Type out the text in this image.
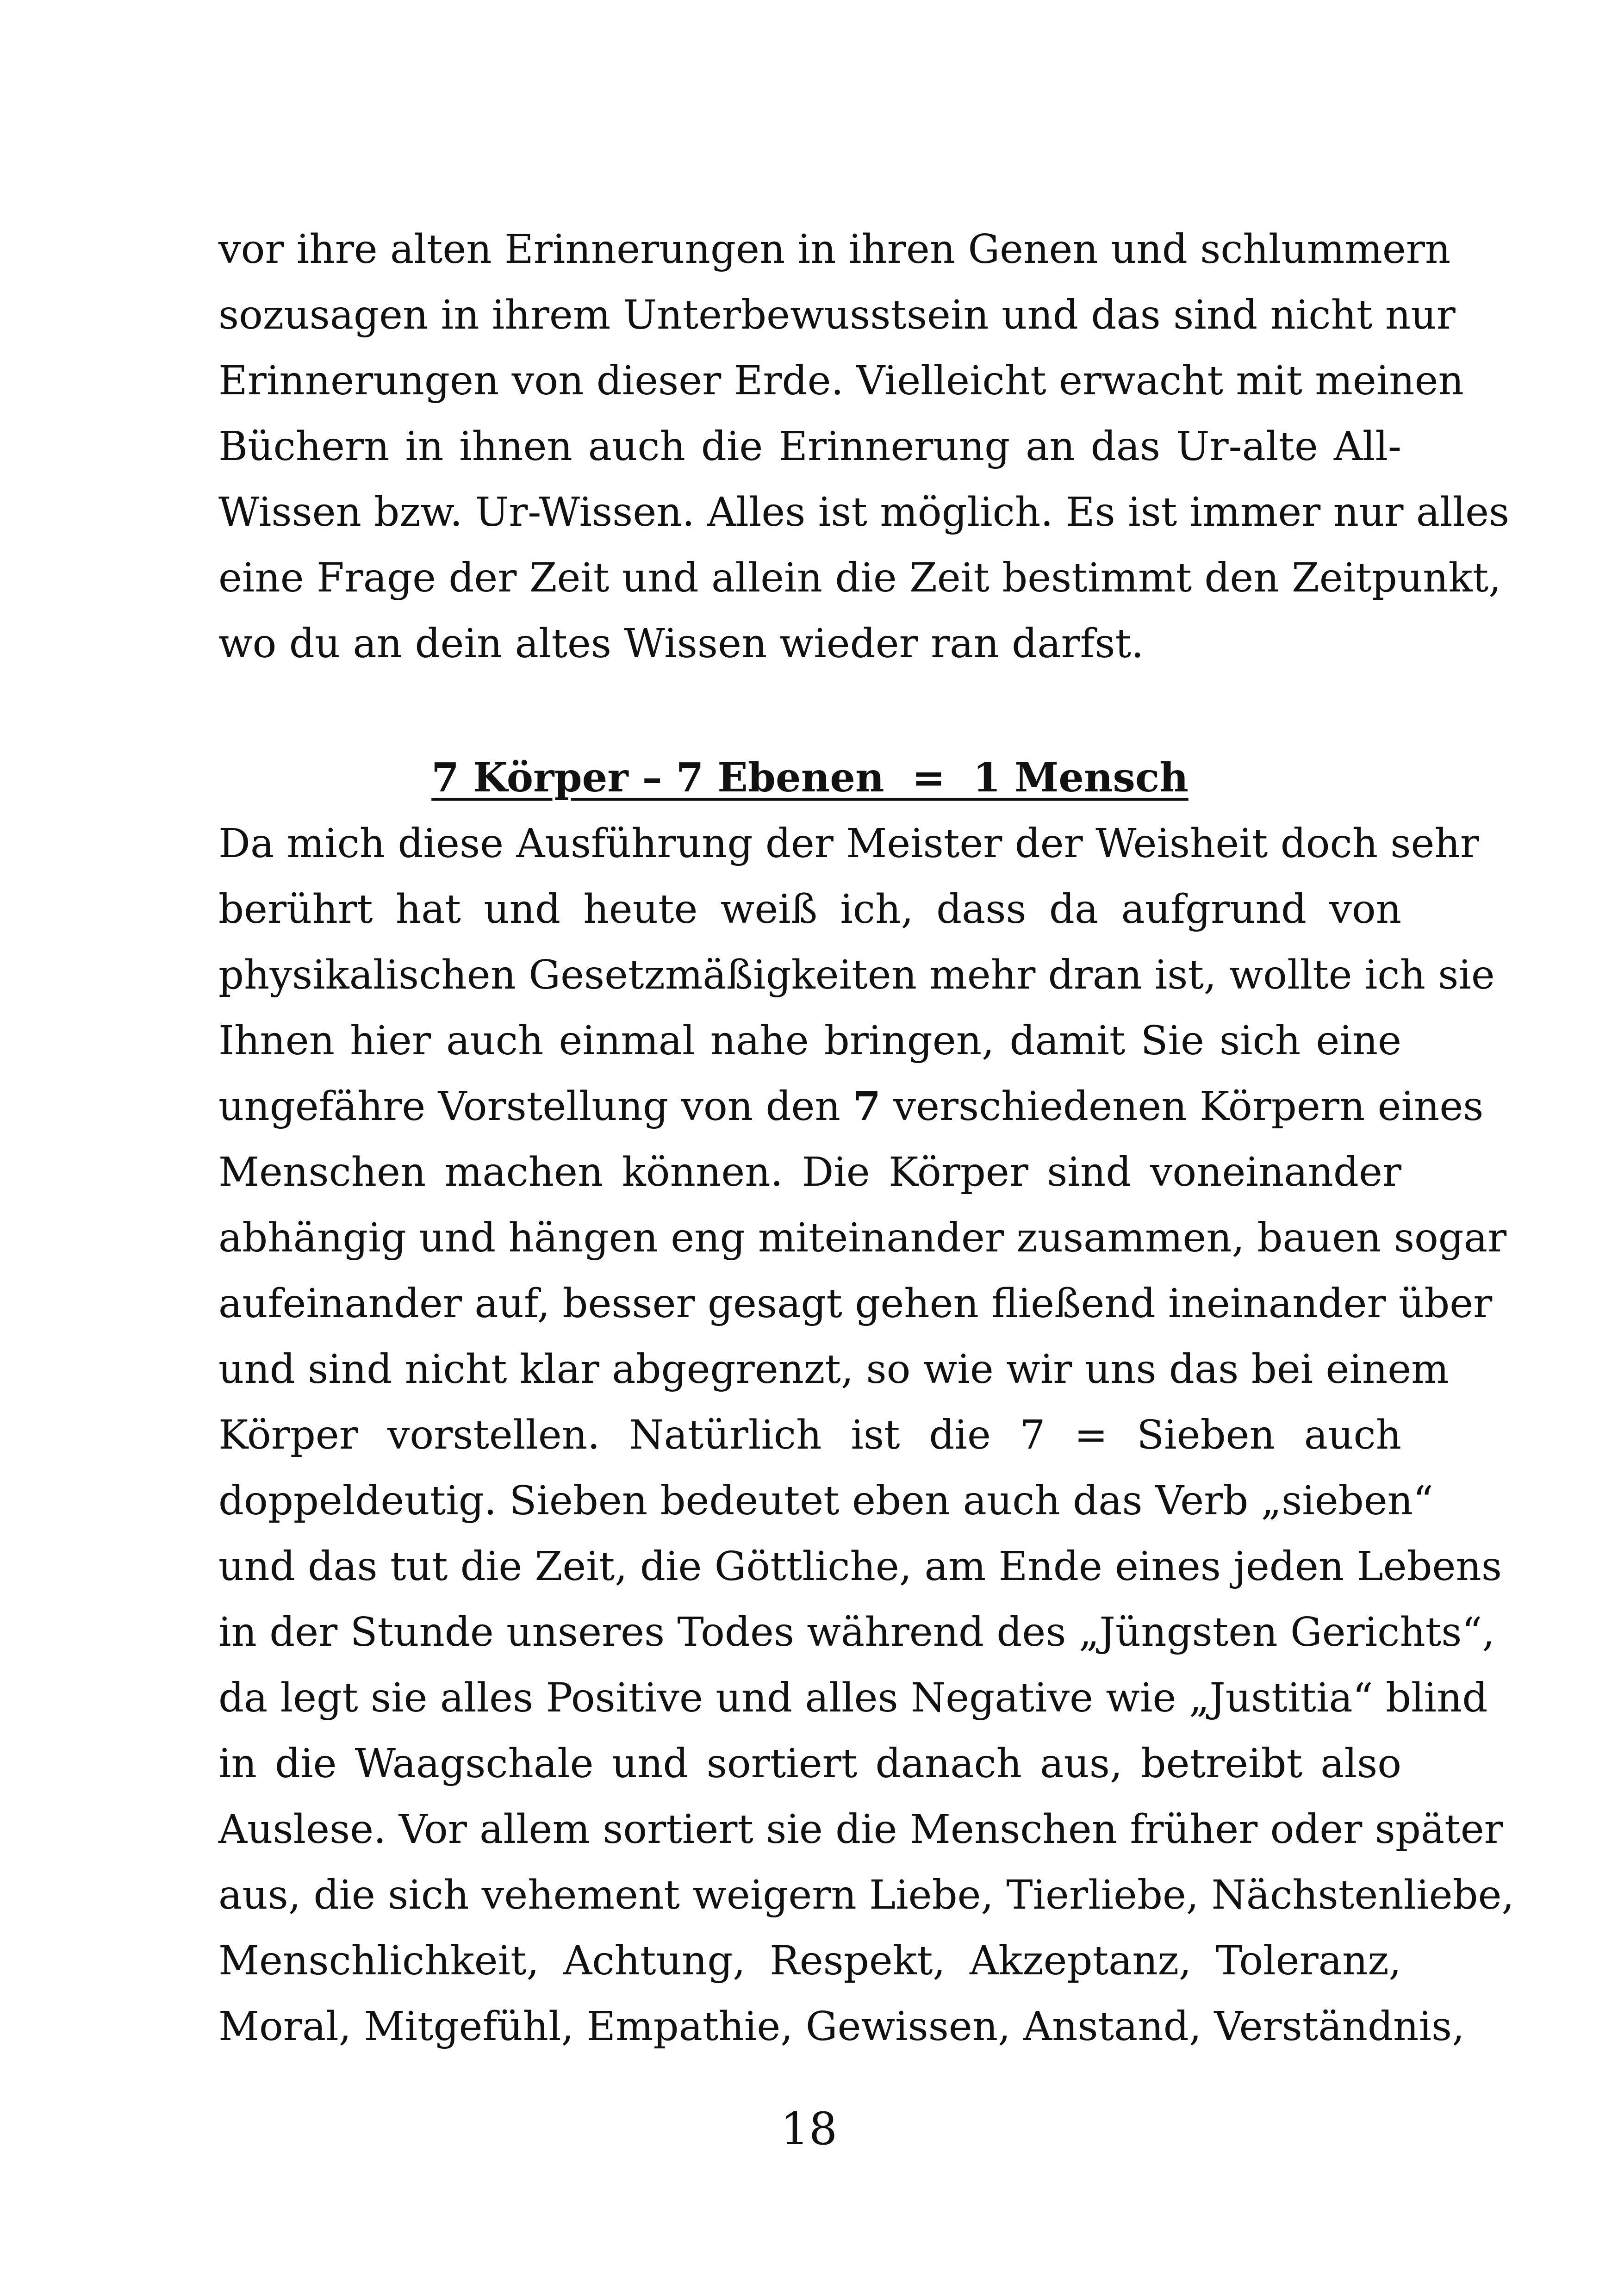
vor ihre alten Erinnerungen in ihren Genen und schlummern
sozusagen in ihrem Unterbewusstsein und das sind nicht nur
Erinnerungen von dieser Erde. Vielleicht erwacht mit meinen
Büchern in ihnen auch die Erinnerung an das Ur-alte All-
Wissen bzw. Ur-Wissen. Alles ist möglich. Es ist immer nur alles
eine Frage der Zeit und allein die Zeit bestimmt den Zeitpunkt,
wo du an dein altes Wissen wieder ran darfst.
7 Körper – 7 Ebenen  =  1 Mensch
Da mich diese Ausführung der Meister der Weisheit doch sehr
berührt hat und heute weiß ich, dass da aufgrund von
physikalischen Gesetzmäßigkeiten mehr dran ist, wollte ich sie
Ihnen hier auch einmal nahe bringen, damit Sie sich eine
ungefähre Vorstellung von den 7 verschiedenen Körpern eines
Menschen machen können. Die Körper sind voneinander
abhängig und hängen eng miteinander zusammen, bauen sogar
aufeinander auf, besser gesagt gehen fließend ineinander über
und sind nicht klar abgegrenzt, so wie wir uns das bei einem
Körper vorstellen. Natürlich ist die 7 = Sieben auch
doppeldeutig. Sieben bedeutet eben auch das Verb „sieben“
und das tut die Zeit, die Göttliche, am Ende eines jeden Lebens
in der Stunde unseres Todes während des „Jüngsten Gerichts“,
da legt sie alles Positive und alles Negative wie „Justitia“ blind
in die Waagschale und sortiert danach aus, betreibt also
Auslese. Vor allem sortiert sie die Menschen früher oder später
aus, die sich vehement weigern Liebe, Tierliebe, Nächstenliebe,
Menschlichkeit, Achtung, Respekt, Akzeptanz, Toleranz,
Moral, Mitgefühl, Empathie, Gewissen, Anstand, Verständnis,
18
